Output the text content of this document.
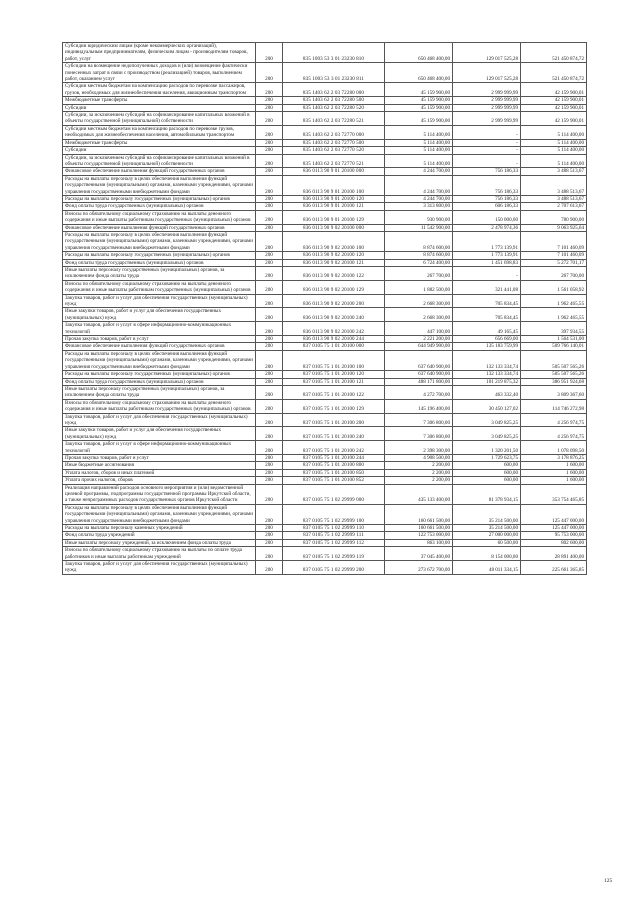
Субсидии юридическим лицам (кроме некоммерческих организаций), индивидуальным предпринимателям, физическим лицам - производителям товаров, работ, услуг	200	835 1003 53 3 01 23230 810	650 468 400,00	129 017 525,28	521 450 874,72
Субсидии на возмещение недополученных доходов и (или) возмещение фактически понесенных затрат в связи с производством (реализацией) товаров, выполнением работ, оказанием услуг	200	835 1003 53 3 01 23230 811	650 468 400,00	129 017 525,28	521 450 874,72
Субсидии местным бюджетам на компенсацию расходов по перевозке пассажиров, грузов, необходимых для жизнеобеспечения населения, авиационным транспортом	200	835 1403 62 2 03 72280 000	45 159 900,00	2 999 999,99	42 159 900,01
Межбюджетные трансферты	200	835 1403 62 2 03 72280 500	45 159 900,00	2 999 999,99	42 159 900,01
Субсидии	200	835 1403 62 2 03 72280 520	45 159 900,00	2 999 999,99	42 159 900,01
Субсидии, за исключением субсидий на софинансирование капитальных вложений в объекты государственной (муниципальной) собственности	200	835 1403 62 2 03 72280 521	45 159 900,00	2 999 999,99	42 159 900,01
Субсидии местным бюджетам на компенсацию расходов по перевозке грузов, необходимых для жизнеобеспечения населения, автомобильным транспортом	200	835 1403 62 2 03 72770 000	5 114 400,00	-	5 114 400,00
Межбюджетные трансферты	200	835 1403 62 2 03 72770 500	5 114 400,00	-	5 114 400,00
Субсидии	200	835 1403 62 2 03 72770 520	5 114 400,00	-	5 114 400,00
Субсидии, за исключением субсидий на софинансирование капитальных вложений в объекты государственной (муниципальной) собственности	200	835 1403 62 2 03 72770 521	5 114 400,00	-	5 114 400,00
Финансовое обеспечение выполнения функций государственных органов	200	836 0113 90 9 01 20100 000	4 244 700,00	756 186,33	3 488 513,67
Расходы на выплаты персоналу в целях обеспечения выполнения функций государственными (муниципальными) органами, казенными учреждениями, органами управления государственными внебюджетными фондами	200	836 0113 90 9 01 20100 100	4 244 700,00	756 186,33	3 488 513,67
Расходы на выплаты персоналу государственных (муниципальных) органов	200	836 0113 90 9 01 20100 120	4 244 700,00	756 186,33	3 488 513,67
Фонд оплаты труда государственных (муниципальных) органов	200	836 0113 90 9 01 20100 121	3 313 800,00	606 186,33	2 707 613,67
Взносы по обязательному социальному страхованию на выплаты денежного содержания и иные выплаты работникам государственных (муниципальных) органов	200	836 0113 90 9 01 20100 129	930 900,00	150 000,00	780 900,00
Финансовое обеспечение выполнения функций государственных органов	200	836 0113 90 9 02 20100 000	11 542 900,00	2 478 974,36	9 063 925,64
Расходы на выплаты персоналу в целях обеспечения выполнения функций государственными (муниципальными) органами, казенными учреждениями, органами управления государственными внебюджетными фондами	200	836 0113 90 9 02 20100 100	8 874 600,00	1 773 139,91	7 101 460,09
Расходы на выплаты персоналу государственных (муниципальных) органов	200	836 0113 90 9 02 20100 120	8 874 600,00	1 773 139,91	7 101 460,09
Фонд оплаты труда государственных (муниципальных) органов	200	836 0113 90 9 02 20100 121	6 724 400,00	1 451 698,83	5 272 701,17
Иные выплаты персоналу государственных (муниципальных) органов, за исключением фонда оплаты труда	200	836 0113 90 9 02 20100 122	267 700,00	-	267 700,00
Взносы по обязательному социальному страхованию на выплаты денежного содержания и иные выплаты работникам государственных (муниципальных) органов	200	836 0113 90 9 02 20100 129	1 882 500,00	321 441,08	1 561 058,92
Закупка товаров, работ и услуг для обеспечения государственных (муниципальных) нужд	200	836 0113 90 9 02 20100 200	2 668 300,00	705 834,45	1 962 465,55
Иные закупки товаров, работ и услуг для обеспечения государственных (муниципальных) нужд	200	836 0113 90 9 02 20100 240	2 668 300,00	705 834,45	1 962 465,55
Закупка товаров, работ и услуг в сфере информационно-коммуникационных технологий	200	836 0113 90 9 02 20100 242	447 100,00	49 165,45	397 934,55
Прочая закупка товаров, работ и услуг	200	836 0113 90 9 02 20100 244	2 221 200,00	656 669,00	1 564 531,00
Финансовое обеспечение выполнения функций государственных органов	200	837 0105 75 1 01 20100 000	644 949 900,00	135 183 759,99	509 766 140,01
Расходы на выплаты персоналу в целях обеспечения выполнения функций государственными (муниципальными) органами, казенными учреждениями, органами управления государственными внебюджетными фондами	200	837 0105 75 1 01 20100 100	637 640 900,00	132 133 334,74	505 507 565,26
Расходы на выплаты персоналу государственных (муниципальных) органов	200	837 0105 75 1 01 20100 120	637 640 900,00	132 133 334,74	505 507 565,26
Фонд оплаты труда государственных (муниципальных) органов	200	837 0105 75 1 01 20100 121	488 171 800,00	101 219 875,32	386 951 924,68
Иные выплаты персоналу государственных (муниципальных) органов, за исключением фонда оплаты труда	200	837 0105 75 1 01 20100 122	4 272 700,00	463 332,40	3 809 367,60
Взносы по обязательному социальному страхованию на выплаты денежного содержания и иные выплаты работникам государственных (муниципальных) органов	200	837 0105 75 1 01 20100 129	145 196 400,00	30 450 127,02	114 746 272,98
Закупка товаров, работ и услуг для обеспечения государственных (муниципальных) нужд	200	837 0105 75 1 01 20100 200	7 306 800,00	3 049 825,25	4 256 974,75
Иные закупки товаров, работ и услуг для обеспечения государственных (муниципальных) нужд	200	837 0105 75 1 01 20100 240	7 306 800,00	3 049 825,25	4 256 974,75
Закупка товаров, работ и услуг в сфере информационно-коммуникационных технологий	200	837 0105 75 1 01 20100 242	2 398 300,00	1 320 201,50	1 078 098,50
Прочая закупка товаров, работ и услуг	200	837 0105 75 1 01 20100 244	4 908 500,00	1 729 623,75	3 178 876,25
Иные бюджетные ассигнования	200	837 0105 75 1 01 20100 800	2 200,00	600,00	1 600,00
Уплата налогов, сборов и иных платежей	200	837 0105 75 1 01 20100 850	2 200,00	600,00	1 600,00
Уплата прочих налогов, сборов	200	837 0105 75 1 01 20100 852	2 200,00	600,00	1 600,00
Реализация направлений расходов основного мероприятия и (или) ведомственной целевой программы, подпрограммы государственной программы Иркутской области, а также непрограммных расходов государственных органов Иркутской области	200	837 0105 75 1 02 29999 000	435 133 400,00	81 378 934,15	353 754 465,85
Расходы на выплаты персоналу в целях обеспечения выполнения функций государственными (муниципальными) органами, казенными учреждениями, органами управления государственными внебюджетными фондами	200	837 0105 75 1 02 29999 100	160 661 500,00	35 214 500,00	125 447 000,00
Расходы на выплаты персоналу казенных учреждений	200	837 0105 75 1 02 29999 110	160 661 500,00	35 214 500,00	125 447 000,00
Фонд оплаты труда учреждений	200	837 0105 75 1 02 29999 111	122 753 000,00	27 000 000,00	95 753 000,00
Иные выплаты персоналу учреждений, за исключением фонда оплаты труда	200	837 0105 75 1 02 29999 112	863 100,00	60 500,00	802 600,00
Взносы по обязательному социальному страхованию на выплаты по оплате труда работников и иные выплаты работникам учреждений	200	837 0105 75 1 02 29999 119	37 045 400,00	8 154 000,00	28 891 400,00
Закупка товаров, работ и услуг для обеспечения государственных (муниципальных) нужд	200	837 0105 75 1 02 29999 200	273 672 700,00	48 011 334,15	225 661 365,85
125
